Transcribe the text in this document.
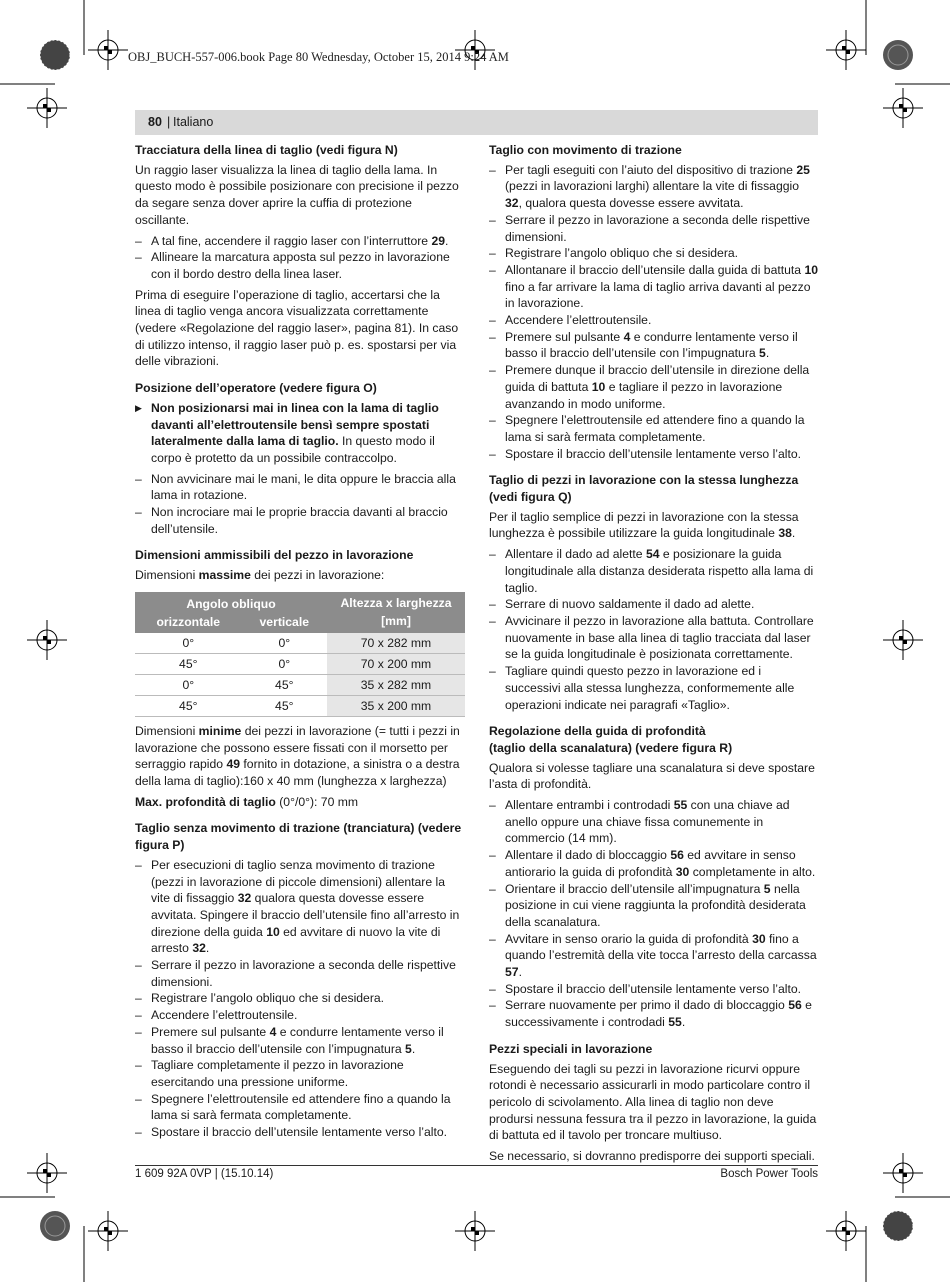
OBJ_BUCH-557-006.book Page 80 Wednesday, October 15, 2014 9:24 AM
80 | Italiano
Tracciatura della linea di taglio (vedi figura N)

Un raggio laser visualizza la linea di taglio della lama. In questo modo è possibile posizionare con precisione il pezzo da segare senza dover aprire la cuffia di protezione oscillante.

– A tal fine, accendere il raggio laser con l’interruttore 29.
– Allineare la marcatura apposta sul pezzo in lavorazione con il bordo destro della linea laser.

Prima di eseguire l’operazione di taglio, accertarsi che la linea di taglio venga ancora visualizzata correttamente (vedere «Regolazione del raggio laser», pagina 81). In caso di utilizzo intenso, il raggio laser può p. es. spostarsi per via delle vibrazioni.

Posizione dell’operatore (vedere figura O)
▶ Non posizionarsi mai in linea con la lama di taglio davanti all’elettroutensile bensì sempre spostati lateralmente dalla lama di taglio. In questo modo il corpo è protetto da un possibile contraccolpo.
– Non avvicinare mai le mani, le dita oppure le braccia alla lama in rotazione.
– Non incrociare mai le proprie braccia davanti al braccio dell’utensile.
Dimensioni ammissibili del pezzo in lavorazione

Dimensioni massime dei pezzi in lavorazione:

Angolo obliquo		Altezza x larghezza [mm]
orizzontale	verticale	
0°	0°	70 x 282 mm
45°	0°	70 x 200 mm
0°	45°	35 x 282 mm
45°	45°	35 x 200 mm

Dimensioni minime dei pezzi in lavorazione (= tutti i pezzi in lavorazione che possono essere fissati con il morsetto per serraggio rapido 49 fornito in dotazione, a sinistra o a destra della lama di taglio):160 x 40 mm (lunghezza x larghezza)

Max. profondità di taglio (0°/0°): 70 mm

Taglio senza movimento di trazione (tranciatura) (vedere figura P)
– Per esecuzioni di taglio senza movimento di trazione (pezzi in lavorazione di piccole dimensioni) allentare la vite di fissaggio 32 qualora questa dovesse essere avvitata. Spingere il braccio dell’utensile fino all’arresto in direzione della guida 10 ed avvitare di nuovo la vite di arresto 32.
– Serrare il pezzo in lavorazione a seconda delle rispettive dimensioni.
– Registrare l’angolo obliquo che si desidera.
– Accendere l’elettroutensile.
– Premere sul pulsante 4 e condurre lentamente verso il basso il braccio dell’utensile con l’impugnatura 5.
– Tagliare completamente il pezzo in lavorazione esercitando una pressione uniforme.
– Spegnere l’elettroutensile ed attendere fino a quando la lama si sarà fermata completamente.
– Spostare il braccio dell’utensile lentamente verso l’alto.
Taglio con movimento di trazione
– Per tagli eseguiti con l’aiuto del dispositivo di trazione 25 (pezzi in lavorazioni larghi) allentare la vite di fissaggio 32, qualora questa dovesse essere avvitata.
– Serrare il pezzo in lavorazione a seconda delle rispettive dimensioni.
– Registrare l’angolo obliquo che si desidera.
– Allontanare il braccio dell’utensile dalla guida di battuta 10 fino a far arrivare la lama di taglio arriva davanti al pezzo in lavorazione.
– Accendere l’elettroutensile.
– Premere sul pulsante 4 e condurre lentamente verso il basso il braccio dell’utensile con l’impugnatura 5.
– Premere dunque il braccio dell’utensile in direzione della guida di battuta 10 e tagliare il pezzo in lavorazione avanzando in modo uniforme.
– Spegnere l’elettroutensile ed attendere fino a quando la lama si sarà fermata completamente.
– Spostare il braccio dell’utensile lentamente verso l’alto.
Taglio di pezzi in lavorazione con la stessa lunghezza (vedi figura Q)

Per il taglio semplice di pezzi in lavorazione con la stessa lunghezza è possibile utilizzare la guida longitudinale 38.

– Allentare il dado ad alette 54 e posizionare la guida longitudinale alla distanza desiderata rispetto alla lama di taglio.
– Serrare di nuovo saldamente il dado ad alette.
– Avvicinare il pezzo in lavorazione alla battuta. Controllare nuovamente in base alla linea di taglio tracciata dal laser se la guida longitudinale è posizionata correttamente.
– Tagliare quindi questo pezzo in lavorazione ed i successivi alla stessa lunghezza, conformemente alle operazioni indicate nei paragrafi «Taglio».
Regolazione della guida di profondità
(taglio della scanalatura) (vedere figura R)

Qualora si volesse tagliare una scanalatura si deve spostare l’asta di profondità.

– Allentare entrambi i controdadi 55 con una chiave ad anello oppure una chiave fissa comunemente in commercio (14 mm).
– Allentare il dado di bloccaggio 56 ed avvitare in senso antiorario la guida di profondità 30 completamente in alto.
– Orientare il braccio dell’utensile all’impugnatura 5 nella posizione in cui viene raggiunta la profondità desiderata della scanalatura.
– Avvitare in senso orario la guida di profondità 30 fino a quando l’estremità della vite tocca l’arresto della carcassa 57.
– Spostare il braccio dell’utensile lentamente verso l’alto.
– Serrare nuovamente per primo il dado di bloccaggio 56 e successivamente i controdadi 55.
Pezzi speciali in lavorazione

Eseguendo dei tagli su pezzi in lavorazione ricurvi oppure rotondi è necessario assicurarli in modo particolare contro il pericolo di scivolamento. Alla linea di taglio non deve prodursi nessuna fessura tra il pezzo in lavorazione, la guida di battuta ed il tavolo per troncare multiuso.

Se necessario, si dovranno predisporre dei supporti speciali.

1 609 92A 0VP | (15.10.14)	Bosch Power Tools
